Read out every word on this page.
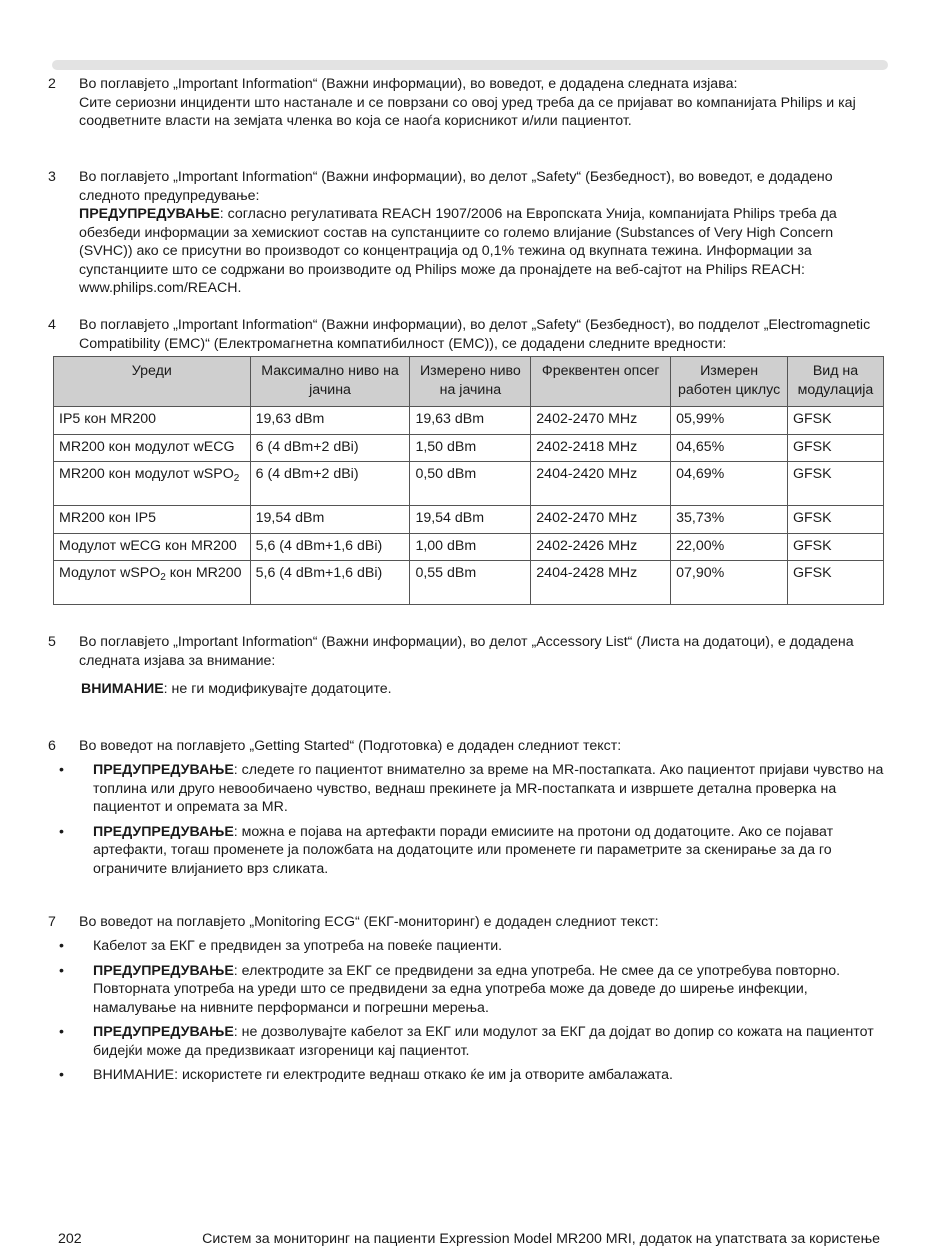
2	Во поглавјето „Important Information“ (Важни информации), во воведот, е додадена следната изјава:

Сите сериозни инциденти што настанале и се поврзани со овој уред треба да се пријават во компанијата Philips и кај соодветните власти на земјата членка во која се наоѓа корисникот и/или пациентот.

3	Во поглавјето „Important Information“ (Важни информации), во делот „Safety“ (Безбедност), во воведот, е додадено следното предупредување:

ПРЕДУПРЕДУВАЊЕ: согласно регулативата REACH 1907/2006 на Европската Унија, компанијата Philips треба да обезбеди информации за хемискиот состав на супстанциите со големо влијание (Substances of Very High Concern (SVHC)) ако се присутни во производот со концентрација од 0,1% тежина од вкупната тежина. Информации за супстанциите што се содржани во производите од Philips може да пронајдете на веб-сајтот на Philips REACH: www.philips.com/REACH.

4	Во поглавјето „Important Information“ (Важни информации), во делот „Safety“ (Безбедност), во подделот „Electromagnetic Compatibility (EMC)“ (Електромагнетна компатибилност (EMC)), се додадени следните вредности:

Уреди	Максимално ниво на јачина	Измерено ниво на јачина	Фреквентен опсег	Измерен работен циклус	Вид на модулација
IP5 кон MR200	19,63 dBm	19,63 dBm	2402-2470 MHz	05,99%	GFSK
MR200 кон модулот wECG	6 (4 dBm+2 dBi)	1,50 dBm	2402-2418 MHz	04,65%	GFSK
MR200 кон модулот wSPO$_2$	6 (4 dBm+2 dBi)	0,50 dBm	2404-2420 MHz	04,69%	GFSK
MR200 кон IP5	19,54 dBm	19,54 dBm	2402-2470 MHz	35,73%	GFSK
Модулот wECG кон MR200	5,6 (4 dBm+1,6 dBi)	1,00 dBm	2402-2426 MHz	22,00%	GFSK
Модулот wSPO$_2$ кон MR200	5,6 (4 dBm+1,6 dBi)	0,55 dBm	2404-2428 MHz	07,90%	GFSK
5	Во поглавјето „Important Information“ (Важни информации), во делот „Accessory List“ (Листа на додатоци), е додадена следната изјава за внимание:

ВНИМАНИЕ: не ги модификувајте додатоците.

6	Во воведот на поглавјето „Getting Started“ (Подготовка) е додаден следниот текст:

• ПРЕДУПРЕДУВАЊЕ: следете го пациентот внимателно за време на MR-постапката. Ако пациентот пријави чувство на топлина или друго невообичаено чувство, веднаш прекинете ја MR-постапката и извршете детална проверка на пациентот и опремата за MR.
• ПРЕДУПРЕДУВАЊЕ: можна е појава на артефакти поради емисиите на протони од додатоците. Ако се појават артефакти, тогаш променете ја положбата на додатоците или променете ги параметрите за скенирање за да го ограничите влијанието врз сликата.
7	Во воведот на поглавјето „Monitoring ECG“ (ЕКГ-мониторинг) е додаден следниот текст:

• Кабелот за ЕКГ е предвиден за употреба на повеќе пациенти.
• ПРЕДУПРЕДУВАЊЕ: електродите за ЕКГ се предвидени за една употреба. Не смее да се употребува повторно. Повторната употреба на уреди што се предвидени за една употреба може да доведе до ширење инфекции, намалување на нивните перформанси и погрешни мерења.
• ПРЕДУПРЕДУВАЊЕ: не дозволувајте кабелот за ЕКГ или модулот за ЕКГ да дојдат во допир со кожата на пациентот бидејќи може да предизвикаат изгореници кај пациентот.
• ВНИМАНИЕ: искористете ги електродите веднаш откако ќе им ја отворите амбалажата.
202	Систем за мониторинг на пациенти Expression Model MR200 MRI, додаток на упатствата за користење
